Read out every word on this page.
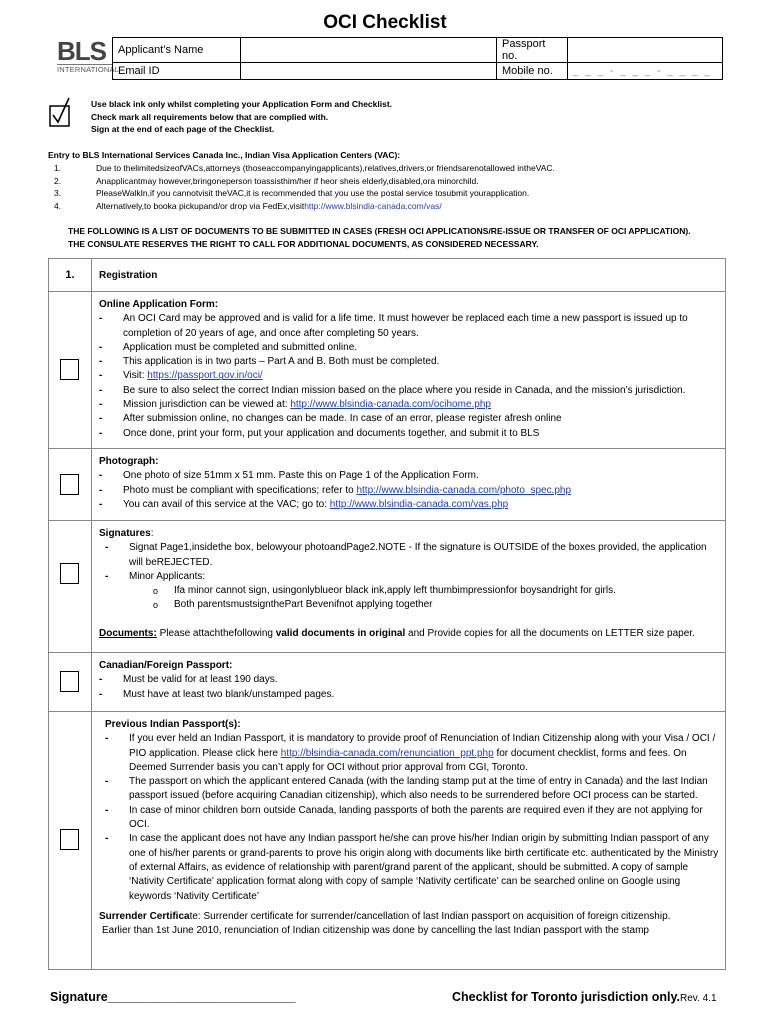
OCI Checklist
BLS
INTERNATIONAL
Applicant’s Name		Passport no.	
Email ID		Mobile no.	_ _ _ - _ _ _ - _ _ _ _
Use black ink only whilst completing your Application Form and Checklist.
Check mark all requirements below that are complied with.
Sign at the end of each page of the Checklist.
Entry to BLS International Services Canada Inc., Indian Visa Application Centers (VAC):
1.	Due to thelimitedsizeofVACs,attorneys (thoseaccompanyingapplicants),relatives,drivers,or friendsarenotallowed intheVAC.
2.	Anapplicantmay however,bringoneperson toassisthim/her if heor sheis elderly,disabled,ora minorchild.
3.	PleaseWalkIn,if you cannotvisit theVAC,it is recommended that you use the postal service tosubmit yourapplication.
4.	Alternatively,to booka pickupand/or drop via FedEx,visithttp://www.blsindia-canada.com/vas/
THE FOLLOWING IS A LIST OF DOCUMENTS TO BE SUBMITTED IN CASES (FRESH OCI APPLICATIONS/RE-ISSUE OR TRANSFER OF OCI APPLICATION).
THE CONSULATE RESERVES THE RIGHT TO CALL FOR ADDITIONAL DOCUMENTS, AS CONSIDERED NECESSARY.
1.	Registration
Online Application Form:
- An OCI Card may be approved and is valid for a life time. It must however be replaced each time a new passport is issued up to completion of 20 years of age, and once after completing 50 years.
- Application must be completed and submitted online.
- This application is in two parts – Part A and B. Both must be completed.
- Visit: https://passport.gov.in/oci/
- Be sure to also select the correct Indian mission based on the place where you reside in Canada, and the mission’s jurisdiction.
- Mission jurisdiction can be viewed at: http://www.blsindia-canada.com/ocihome.php
- After submission online, no changes can be made. In case of an error, please register afresh online
- Once done, print your form, put your application and documents together, and submit it to BLS
Photograph:
- One photo of size 51mm x 51 mm. Paste this on Page 1 of the Application Form.
- Photo must be compliant with specifications; refer to http://www.blsindia-canada.com/photo_spec.php
- You can avail of this service at the VAC; go to: http://www.blsindia-canada.com/vas.php
Signatures:
- Signat Page1,insidethe box, belowyour photoandPage2.NOTE - If the signature is OUTSIDE of the boxes provided, the application will beREJECTED.
- Minor Applicants:
o Ifa minor cannot sign, usingonlyblueor black ink,apply left thumbimpressionfor boysandright for girls.
o Both parentsmustsignthePart Bevenifnot applying together
Documents: Please attachthefollowing valid documents in original and Provide copies for all the documents on LETTER size paper.
Canadian/Foreign Passport:
- Must be valid for at least 190 days.
- Must have at least two blank/unstamped pages.
Previous Indian Passport(s):
- If you ever held an Indian Passport, it is mandatory to provide proof of Renunciation of Indian Citizenship along with your Visa / OCI / PIO application. Please click here http://blsindia-canada.com/renunciation_ppt.php for document checklist, forms and fees. On Deemed Surrender basis you can’t apply for OCI without prior approval from CGI, Toronto.
- The passport on which the applicant entered Canada (with the landing stamp put at the time of entry in Canada) and the last Indian passport issued (before acquiring Canadian citizenship), which also needs to be surrendered before OCI process can be started.
- In case of minor children born outside Canada, landing passports of both the parents are required even if they are not applying for OCI.
- In case the applicant does not have any Indian passport he/she can prove his/her Indian origin by submitting Indian passport of any one of his/her parents or grand-parents to prove his origin along with documents like birth certificate etc. authenticated by the Ministry of external Affairs, as evidence of relationship with parent/grand parent of the applicant, should be submitted. A copy of sample ‘Nativity Certificate’ application format along with copy of sample ‘Nativity certificate’ can be searched online on Google using keywords ‘Nativity Certificate’
Surrender Certificate: Surrender certificate for surrender/cancellation of last Indian passport on acquisition of foreign citizenship.
Earlier than 1st June 2010, renunciation of Indian citizenship was done by cancelling the last Indian passport with the stamp
Signature___________________________	Checklist for Toronto jurisdiction only.Rev. 4.1
